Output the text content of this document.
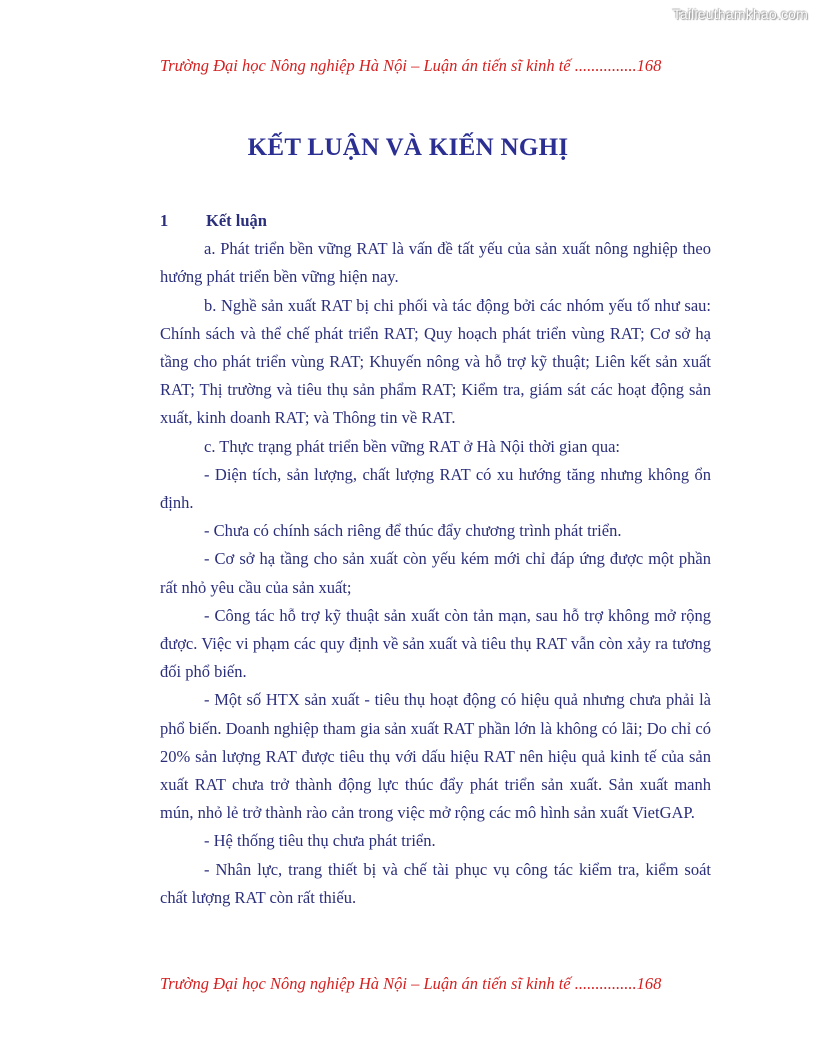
Tailieuthamkhao.com
Trường Đại học Nông nghiệp Hà Nội – Luận án tiến sĩ kinh tế ...............168
KẾT LUẬN VÀ KIẾN NGHỊ

1 Kết luận

a. Phát triển bền vững RAT là vấn đề tất yếu của sản xuất nông nghiệp theo hướng phát triển bền vững hiện nay.

b. Nghề sản xuất RAT bị chi phối và tác động bởi các nhóm yếu tố như sau: Chính sách và thể chế phát triển RAT; Quy hoạch phát triển vùng RAT; Cơ sở hạ tầng cho phát triển vùng RAT; Khuyến nông và hỗ trợ kỹ thuật; Liên kết sản xuất RAT; Thị trường và tiêu thụ sản phẩm RAT; Kiểm tra, giám sát các hoạt động sản xuất, kinh doanh RAT; và Thông tin về RAT.

c. Thực trạng phát triển bền vững RAT ở Hà Nội thời gian qua:

- Diện tích, sản lượng, chất lượng RAT có xu hướng tăng nhưng không ổn định.

- Chưa có chính sách riêng để thúc đẩy chương trình phát triển.

- Cơ sở hạ tầng cho sản xuất còn yếu kém mới chỉ đáp ứng được một phần rất nhỏ yêu cầu của sản xuất;

- Công tác hỗ trợ kỹ thuật sản xuất còn tản mạn, sau hỗ trợ không mở rộng được. Việc vi phạm các quy định về sản xuất và tiêu thụ RAT vẫn còn xảy ra tương đối phổ biến.

- Một số HTX sản xuất - tiêu thụ hoạt động có hiệu quả nhưng chưa phải là phổ biến. Doanh nghiệp tham gia sản xuất RAT phần lớn là không có lãi; Do chỉ có 20% sản lượng RAT được tiêu thụ với dấu hiệu RAT nên hiệu quả kinh tế của sản xuất RAT chưa trở thành động lực thúc đẩy phát triển sản xuất. Sản xuất manh mún, nhỏ lẻ trở thành rào cản trong việc mở rộng các mô hình sản xuất VietGAP.

- Hệ thống tiêu thụ chưa phát triển.

- Nhân lực, trang thiết bị và chế tài phục vụ công tác kiểm tra, kiểm soát chất lượng RAT còn rất thiếu.

Trường Đại học Nông nghiệp Hà Nội – Luận án tiến sĩ kinh tế ...............168
